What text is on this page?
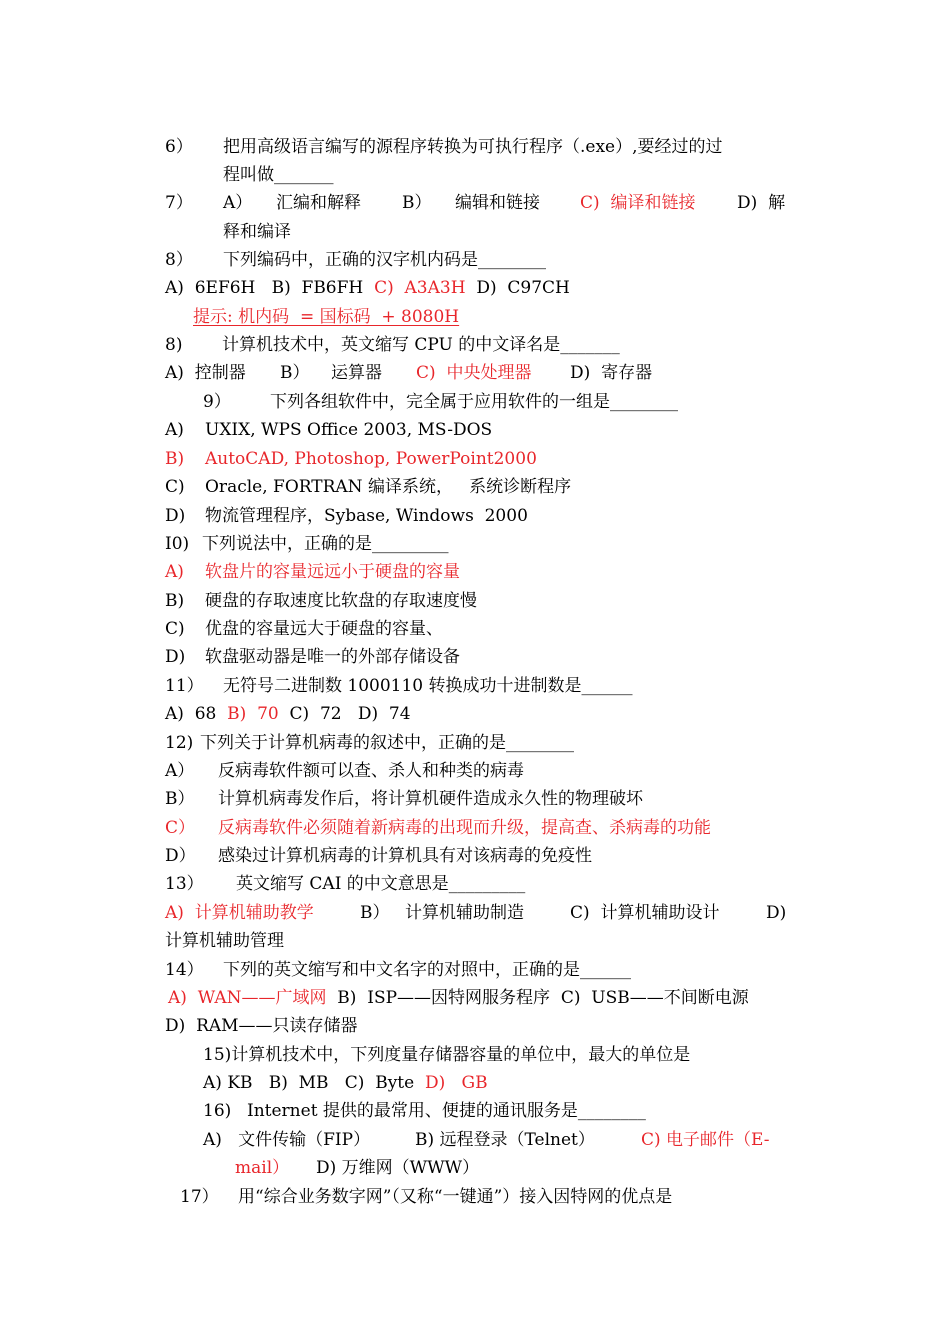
6） 把用高级语言编写的源程序转换为可执行程序（.exe）,要经过的过
程叫做_______
7） A） 汇编和解释 B） 编辑和链接 C)  编译和链接 D)  解
释和编译
8） 下列编码中，正确的汉字机内码是________
A)  6EF6H   B)  FB6FH  C)  A3A3H  D)  C97CH
提示: 机内码  = 国标码  + 8080H
8) 计算机技术中，英文缩写 CPU 的中文译名是_______
A)  控制器 B） 运算器 C)  中央处理器 D)  寄存器
9） 下列各组软件中，完全属于应用软件的一组是________
A) UXIX, WPS Office 2003, MS-DOS
B) AutoCAD, Photoshop, PowerPoint2000
C) Oracle, FORTRAN 编译系统，   系统诊断程序
D) 物流管理程序，Sybase, Windows  2000
I0) 下列说法中，正确的是_________
A) 软盘片的容量远远小于硬盘的容量
B) 硬盘的存取速度比软盘的存取速度慢
C) 优盘的容量远大于硬盘的容量、
D) 软盘驱动器是唯一的外部存储设备
11） 无符号二进制数 1000110 转换成功十进制数是______
A)  68  B)  70  C)  72   D)  74
12) 下列关于计算机病毒的叙述中，正确的是________
A） 反病毒软件额可以查、杀人和种类的病毒
B） 计算机病毒发作后，将计算机硬件造成永久性的物理破坏
C） 反病毒软件必须随着新病毒的出现而升级，提高查、杀病毒的功能
D） 感染过计算机病毒的计算机具有对该病毒的免疫性
13） 英文缩写 CAI 的中文意思是_________
A)  计算机辅助教学	B） 计算机辅助制造	C)  计算机辅助设计	D)
计算机辅助管理
14） 下列的英文缩写和中文名字的对照中，正确的是______
A)  WAN——广域网  B)  ISP——因特网服务程序  C)  USB——不间断电源
D)  RAM——只读存储器
15)计算机技术中，下列度量存储器容量的单位中，最大的单位是
A) KB   B)  MB   C)  Byte  D)   GB
16) Internet 提供的最常用、便捷的通讯服务是________
A)   文件传输（FIP）	B) 远程登录（Telnet）	C) 电子邮件（E-
mail） D) 万维网（WWW）
17） 用“综合业务数字网”（又称“一键通”）接入因特网的优点是
